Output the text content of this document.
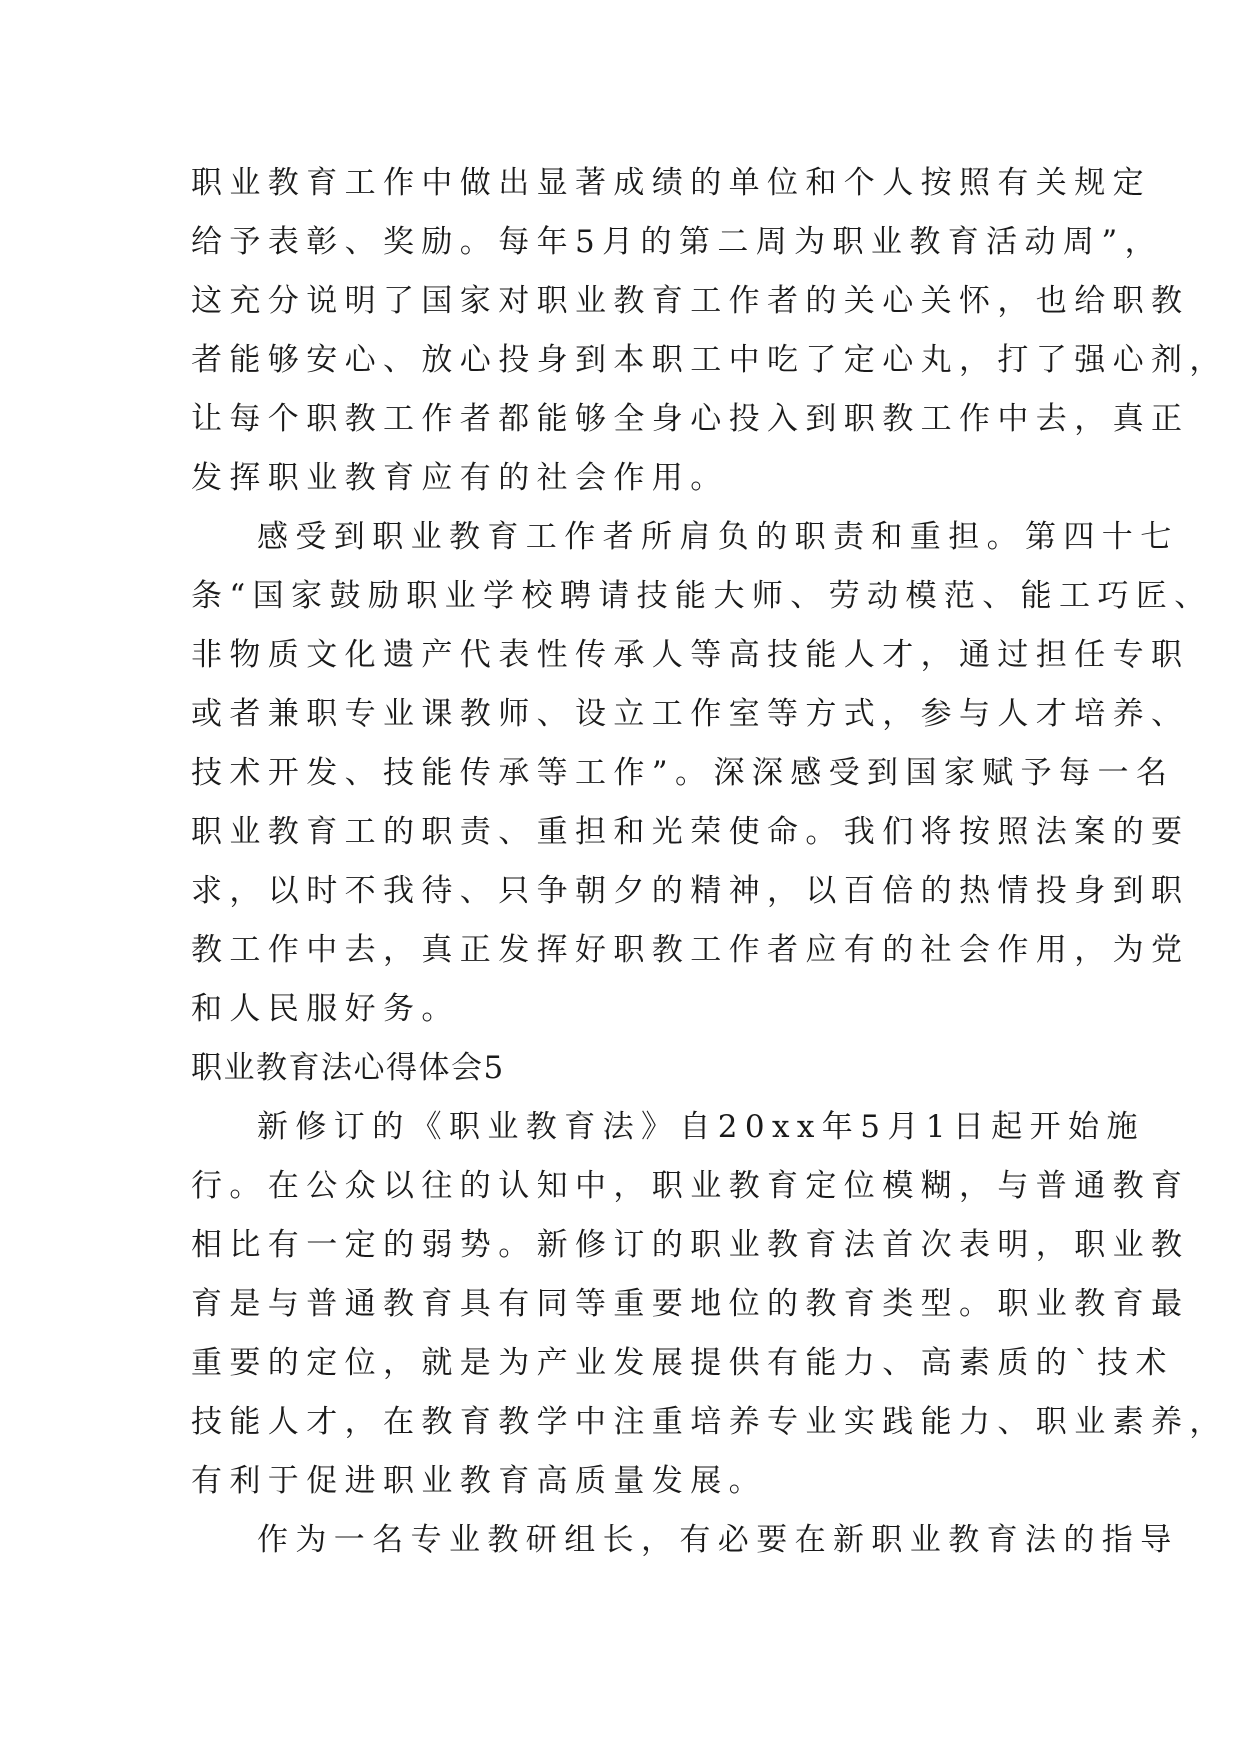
职业教育工作中做出显著成绩的单位和个人按照有关规定
给予表彰、奖励。每年5月的第二周为职业教育活动周”，
这充分说明了国家对职业教育工作者的关心关怀，也给职教
者能够安心、放心投身到本职工中吃了定心丸，打了强心剂，
让每个职教工作者都能够全身心投入到职教工作中去，真正
发挥职业教育应有的社会作用。
感受到职业教育工作者所肩负的职责和重担。第四十七
条“国家鼓励职业学校聘请技能大师、劳动模范、能工巧匠、
非物质文化遗产代表性传承人等高技能人才，通过担任专职
或者兼职专业课教师、设立工作室等方式，参与人才培养、
技术开发、技能传承等工作”。深深感受到国家赋予每一名
职业教育工的职责、重担和光荣使命。我们将按照法案的要
求，以时不我待、只争朝夕的精神，以百倍的热情投身到职
教工作中去，真正发挥好职教工作者应有的社会作用，为党
和人民服好务。
职业教育法心得体会5
新修订的《职业教育法》自20xx年5月1日起开始施
行。在公众以往的认知中，职业教育定位模糊，与普通教育
相比有一定的弱势。新修订的职业教育法首次表明，职业教
育是与普通教育具有同等重要地位的教育类型。职业教育最
重要的定位，就是为产业发展提供有能力、高素质的`技术
技能人才，在教育教学中注重培养专业实践能力、职业素养，
有利于促进职业教育高质量发展。
作为一名专业教研组长，有必要在新职业教育法的指导
